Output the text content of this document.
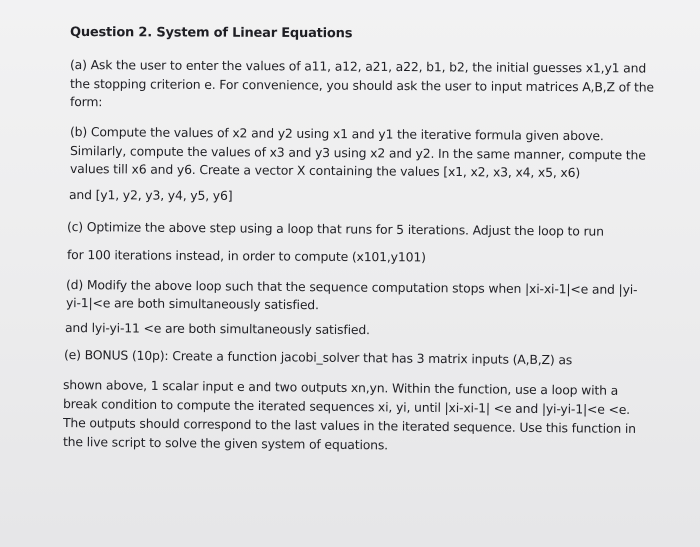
Question 2. System of Linear Equations
(a) Ask the user to enter the values of a11, a12, a21, a22, b1, b2, the initial guesses x1,y1 and
the stopping criterion e. For convenience, you should ask the user to input matrices A,B,Z of the
form:
(b) Compute the values of x2 and y2 using x1 and y1 the iterative formula given above.
Similarly, compute the values of x3 and y3 using x2 and y2. In the same manner, compute the
values till x6 and y6. Create a vector X containing the values [x1, x2, x3, x4, x5, x6)
and [y1, y2, y3, y4, y5, y6]
(c) Optimize the above step using a loop that runs for 5 iterations. Adjust the loop to run
for 100 iterations instead, in order to compute (x101,y101)
(d) Modify the above loop such that the sequence computation stops when |xi-xi-1|<e and |yi-
yi-1|<e are both simultaneously satisfied.
and lyi-yi-11 <e are both simultaneously satisfied.
(e) BONUS (10p): Create a function jacobi_solver that has 3 matrix inputs (A,B,Z) as
shown above, 1 scalar input e and two outputs xn,yn. Within the function, use a loop with a
break condition to compute the iterated sequences xi, yi, until |xi-xi-1| <e and |yi-yi-1|<e <e.
The outputs should correspond to the last values in the iterated sequence. Use this function in
the live script to solve the given system of equations.
